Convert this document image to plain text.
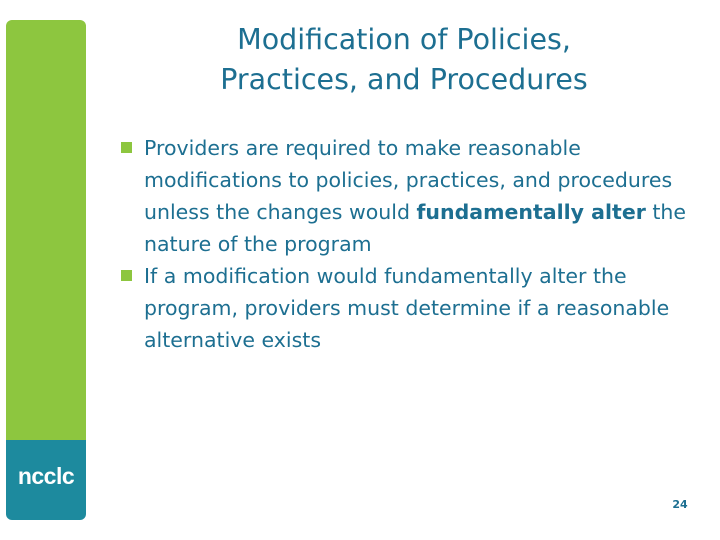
ncclc
Modification of Policies,
Practices, and Procedures
Providers are required to make reasonable modifications to policies, practices, and procedures unless the changes would fundamentally alter the nature of the program
If a modification would fundamentally alter the program, providers must determine if a reasonable alternative exists
24
